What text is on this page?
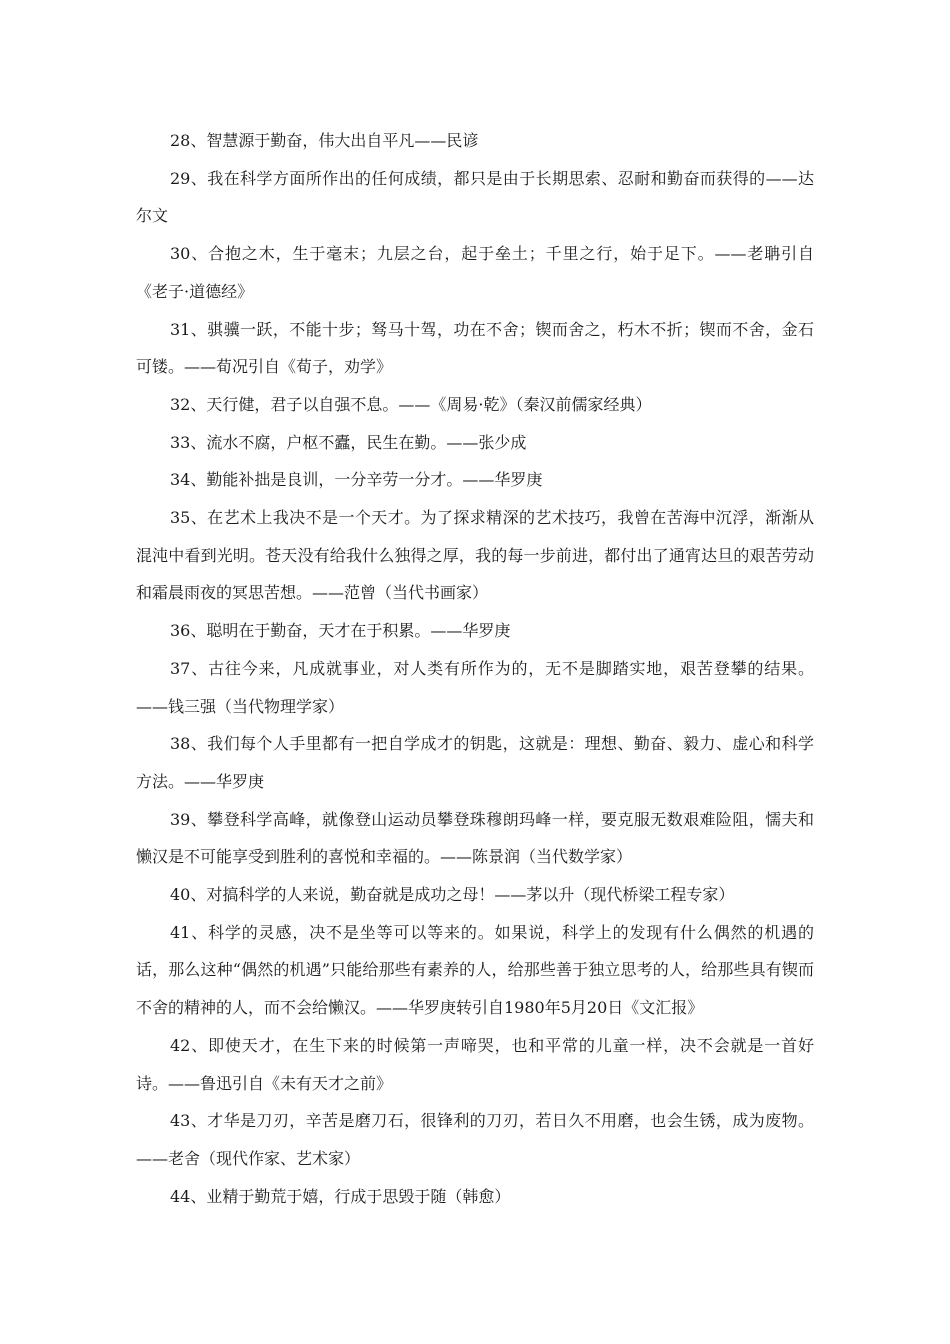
28、智慧源于勤奋，伟大出自平凡——民谚

29、我在科学方面所作出的任何成绩，都只是由于长期思索、忍耐和勤奋而获得的——达尔文

30、合抱之木，生于毫末；九层之台，起于垒土；千里之行，始于足下。——老聃引自《老子·道德经》

31、骐骥一跃，不能十步；驽马十驾，功在不舍；锲而舍之，朽木不折；锲而不舍，金石可镂。——荀况引自《荀子，劝学》

32、天行健，君子以自强不息。——《周易·乾》（秦汉前儒家经典）

33、流水不腐，户枢不蠹，民生在勤。——张少成

34、勤能补拙是良训，一分辛劳一分才。——华罗庚

35、在艺术上我决不是一个天才。为了探求精深的艺术技巧，我曾在苦海中沉浮，渐渐从混沌中看到光明。苍天没有给我什么独得之厚，我的每一步前进，都付出了通宵达旦的艰苦劳动和霜晨雨夜的冥思苦想。——范曾（当代书画家）

36、聪明在于勤奋，天才在于积累。——华罗庚

37、古往今来，凡成就事业，对人类有所作为的，无不是脚踏实地，艰苦登攀的结果。——钱三强（当代物理学家）

38、我们每个人手里都有一把自学成才的钥匙，这就是：理想、勤奋、毅力、虚心和科学方法。——华罗庚

39、攀登科学高峰，就像登山运动员攀登珠穆朗玛峰一样，要克服无数艰难险阻，懦夫和懒汉是不可能享受到胜利的喜悦和幸福的。——陈景润（当代数学家）

40、对搞科学的人来说，勤奋就是成功之母！——茅以升（现代桥梁工程专家）

41、科学的灵感，决不是坐等可以等来的。如果说，科学上的发现有什么偶然的机遇的话，那么这种“偶然的机遇”只能给那些有素养的人，给那些善于独立思考的人，给那些具有锲而不舍的精神的人，而不会给懒汉。——华罗庚转引自1980年5月20日《文汇报》

42、即使天才，在生下来的时候第一声啼哭，也和平常的儿童一样，决不会就是一首好诗。——鲁迅引自《未有天才之前》

43、才华是刀刃，辛苦是磨刀石，很锋利的刀刃，若日久不用磨，也会生锈，成为废物。——老舍（现代作家、艺术家）

44、业精于勤荒于嬉，行成于思毁于随（韩愈）
